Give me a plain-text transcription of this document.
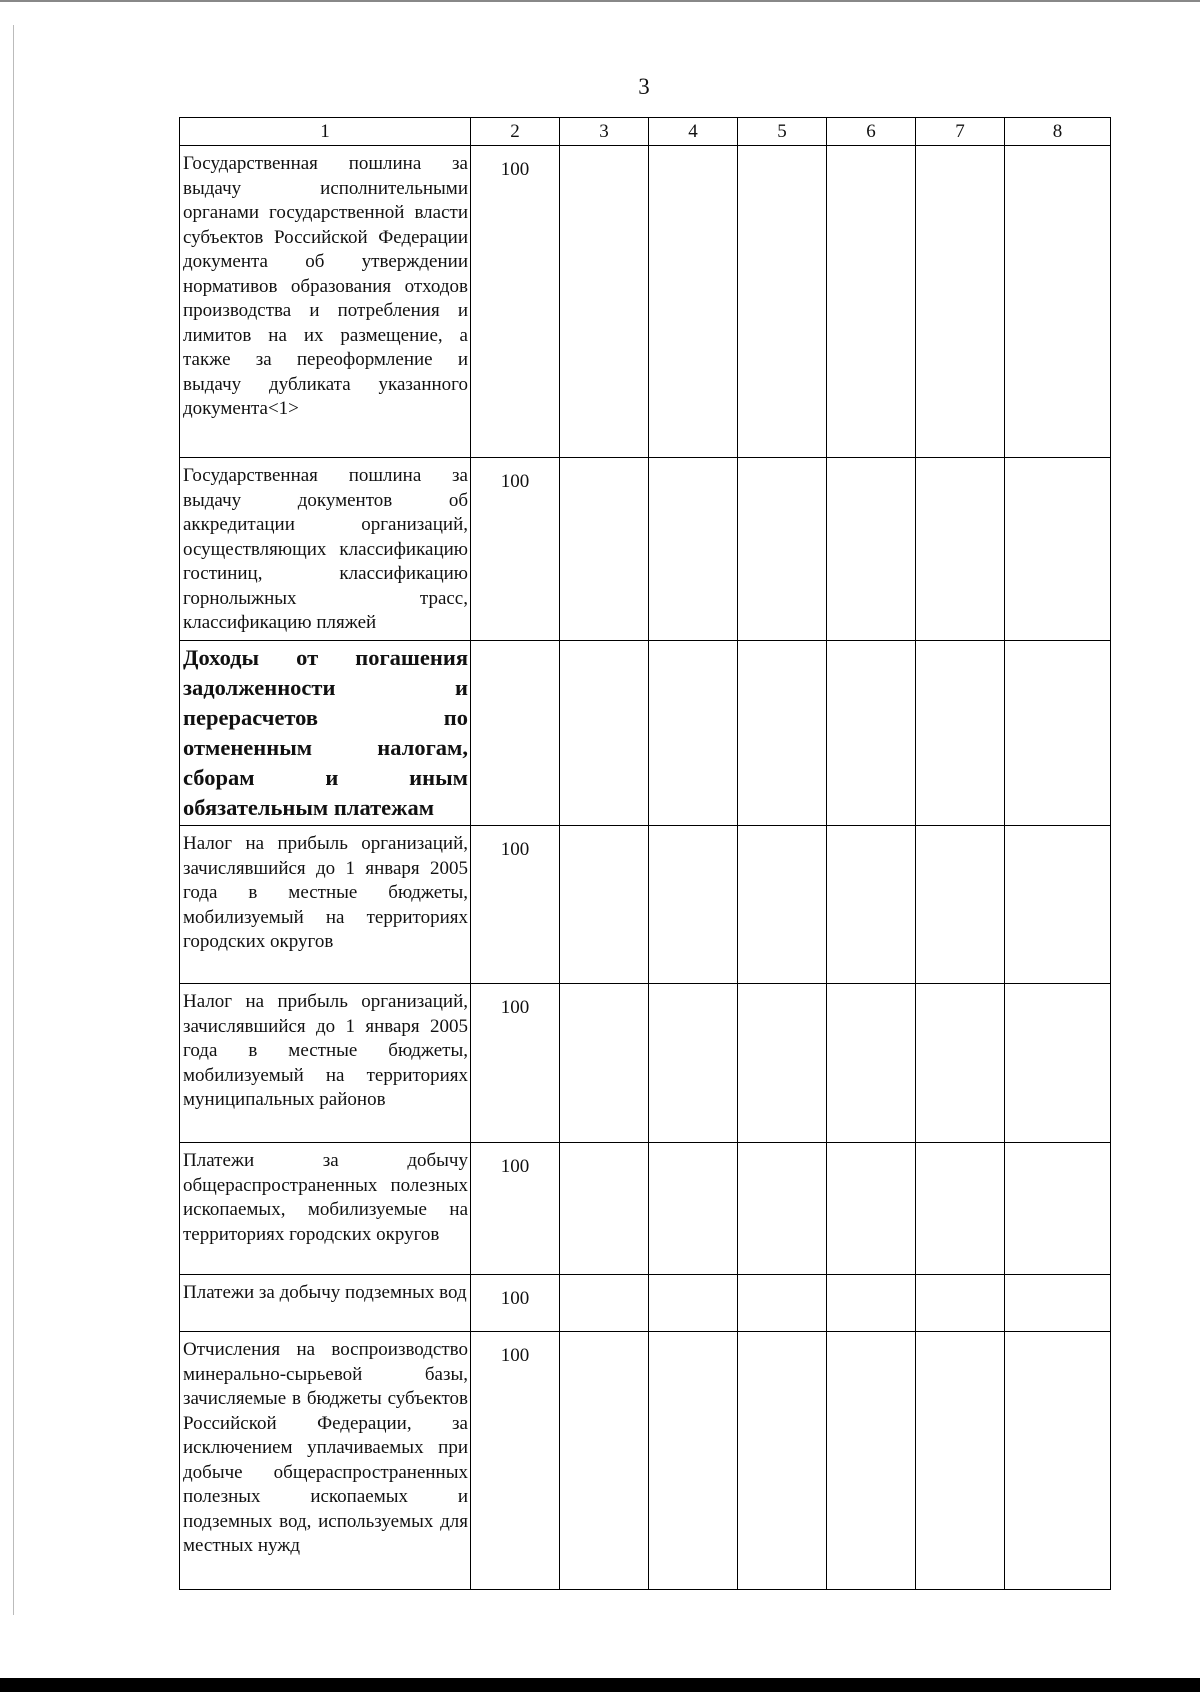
3
1	2	3	4	5	6	7	8
Государственная пошлина за выдачу исполнительными органами государственной власти субъектов Российской Федерации документа об утверждении нормативов образования отходов производства и потребления и лимитов на их размещение, а также за переоформление и выдачу дубликата указанного документа<1>	100						
Государственная пошлина за выдачу документов об аккредитации организаций, осуществляющих классификацию гостиниц, классификацию горнолыжных трасс, классификацию пляжей	100						
Доходы от погашения задолженности и перерасчетов по отмененным налогам, сборам и иным обязательным платежам							
Налог на прибыль организаций, зачислявшийся до 1 января 2005 года в местные бюджеты, мобилизуемый на территориях городских округов	100						
Налог на прибыль организаций, зачислявшийся до 1 января 2005 года в местные бюджеты, мобилизуемый на территориях муниципальных районов	100						
Платежи за добычу общераспространенных полезных ископаемых, мобилизуемые на территориях городских округов	100						
Платежи за добычу подземных вод	100						
Отчисления на воспроизводство минерально-сырьевой базы, зачисляемые в бюджеты субъектов Российской Федерации, за исключением уплачиваемых при добыче общераспространенных полезных ископаемых и подземных вод, используемых для местных нужд	100						
